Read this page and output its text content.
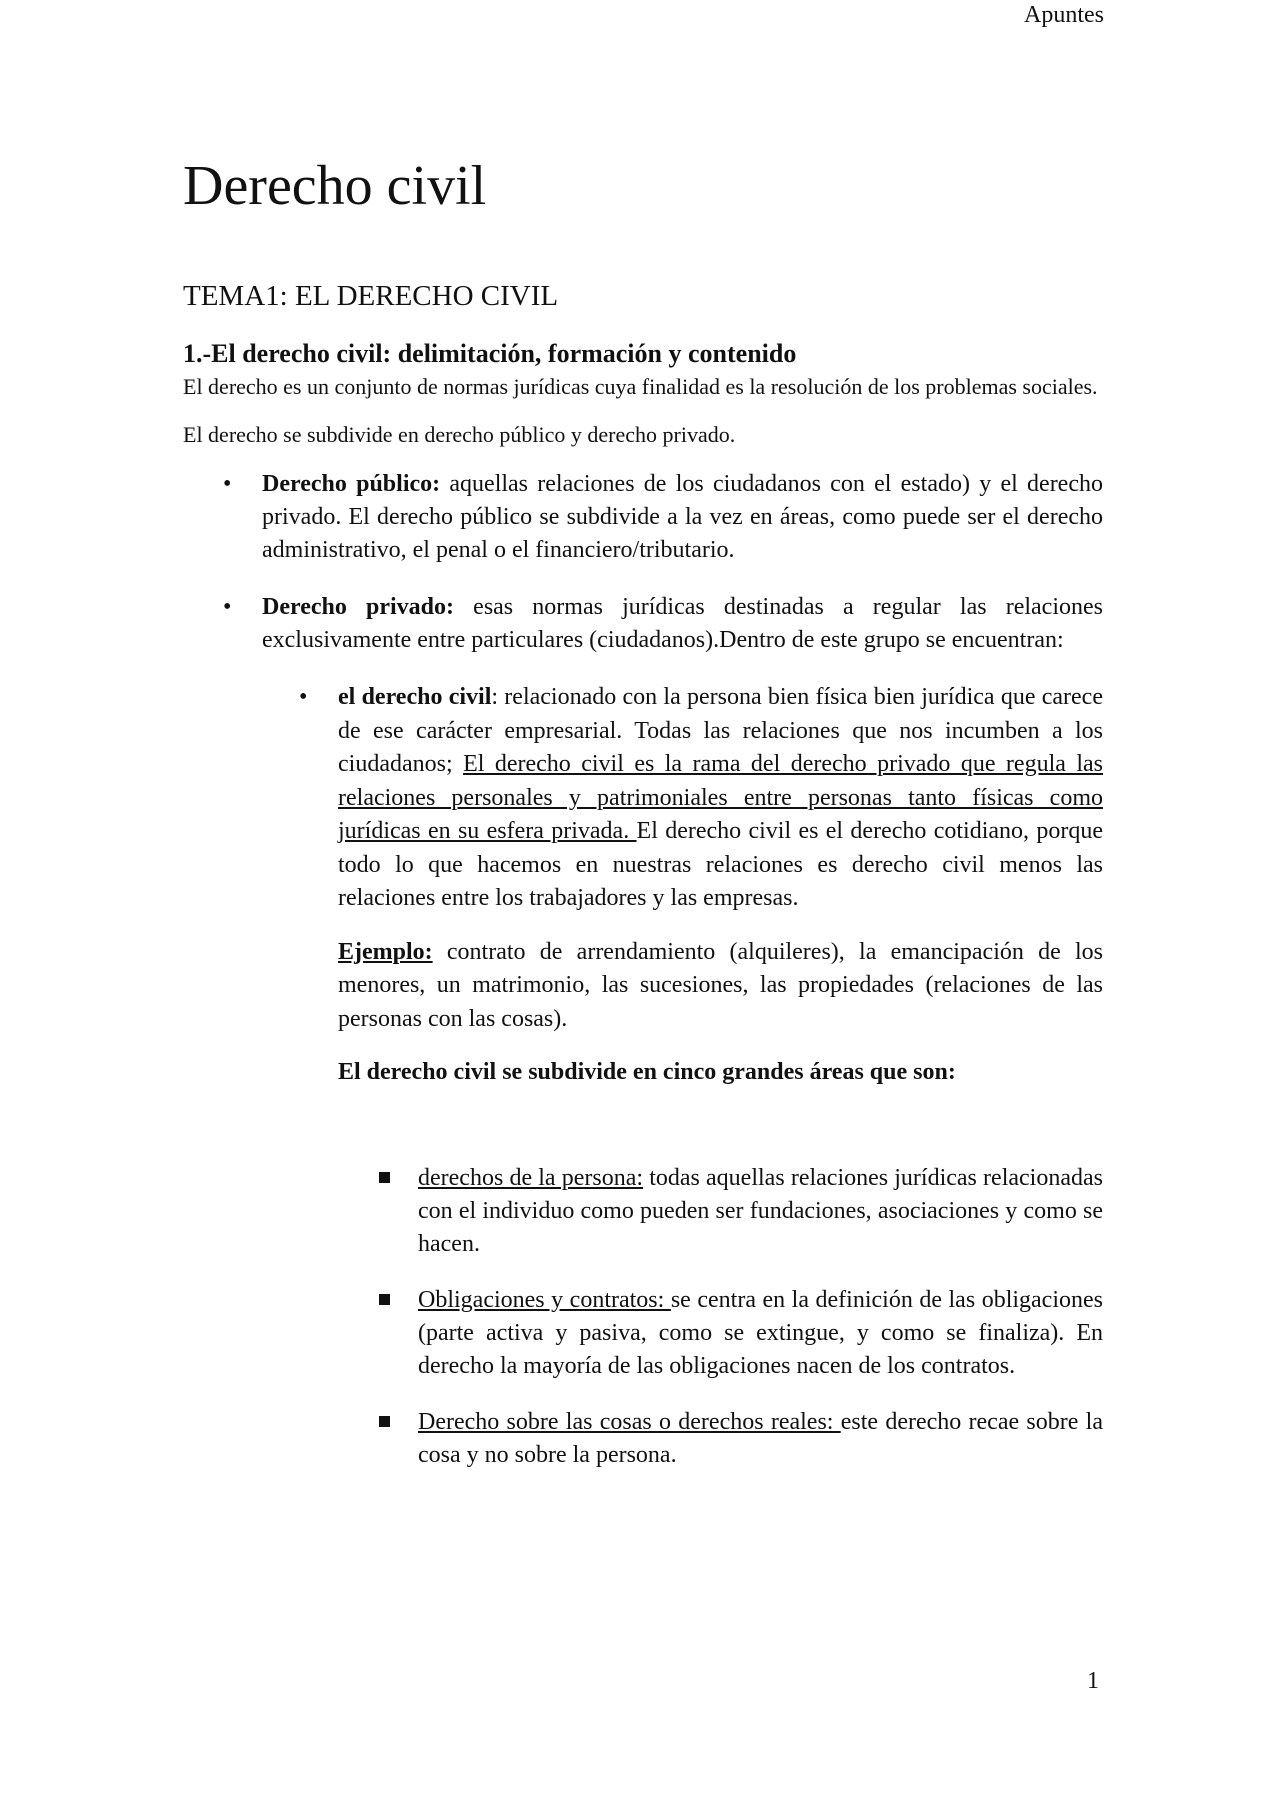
Apuntes
Derecho civil
TEMA1: EL DERECHO CIVIL
1.-El derecho civil: delimitación, formación y contenido

El derecho es un conjunto de normas jurídicas cuya finalidad es la resolución de los problemas sociales.

El derecho se subdivide en derecho público y derecho privado.

• Derecho público: aquellas relaciones de los ciudadanos con el estado) y el derecho privado. El derecho público se subdivide a la vez en áreas, como puede ser el derecho administrativo, el penal o el financiero/tributario.
• Derecho privado: esas normas jurídicas destinadas a regular las relaciones exclusivamente entre particulares (ciudadanos).Dentro de este grupo se encuentran:
• el derecho civil: relacionado con la persona bien física bien jurídica que carece de ese carácter empresarial. Todas las relaciones que nos incumben a los ciudadanos; El derecho civil es la rama del derecho privado que regula las relaciones personales y patrimoniales entre personas tanto físicas como jurídicas en su esfera privada. El derecho civil es el derecho cotidiano, porque todo lo que hacemos en nuestras relaciones es derecho civil menos las relaciones entre los trabajadores y las empresas.

Ejemplo: contrato de arrendamiento (alquileres), la emancipación de los menores, un matrimonio, las sucesiones, las propiedades (relaciones de las personas con las cosas).

El derecho civil se subdivide en cinco grandes áreas que son:

derechos de la persona: todas aquellas relaciones jurídicas relacionadas con el individuo como pueden ser fundaciones, asociaciones y como se hacen.
Obligaciones y contratos: se centra en la definición de las obligaciones (parte activa y pasiva, como se extingue, y como se finaliza). En derecho la mayoría de las obligaciones nacen de los contratos.
Derecho sobre las cosas o derechos reales: este derecho recae sobre la cosa y no sobre la persona.
1
